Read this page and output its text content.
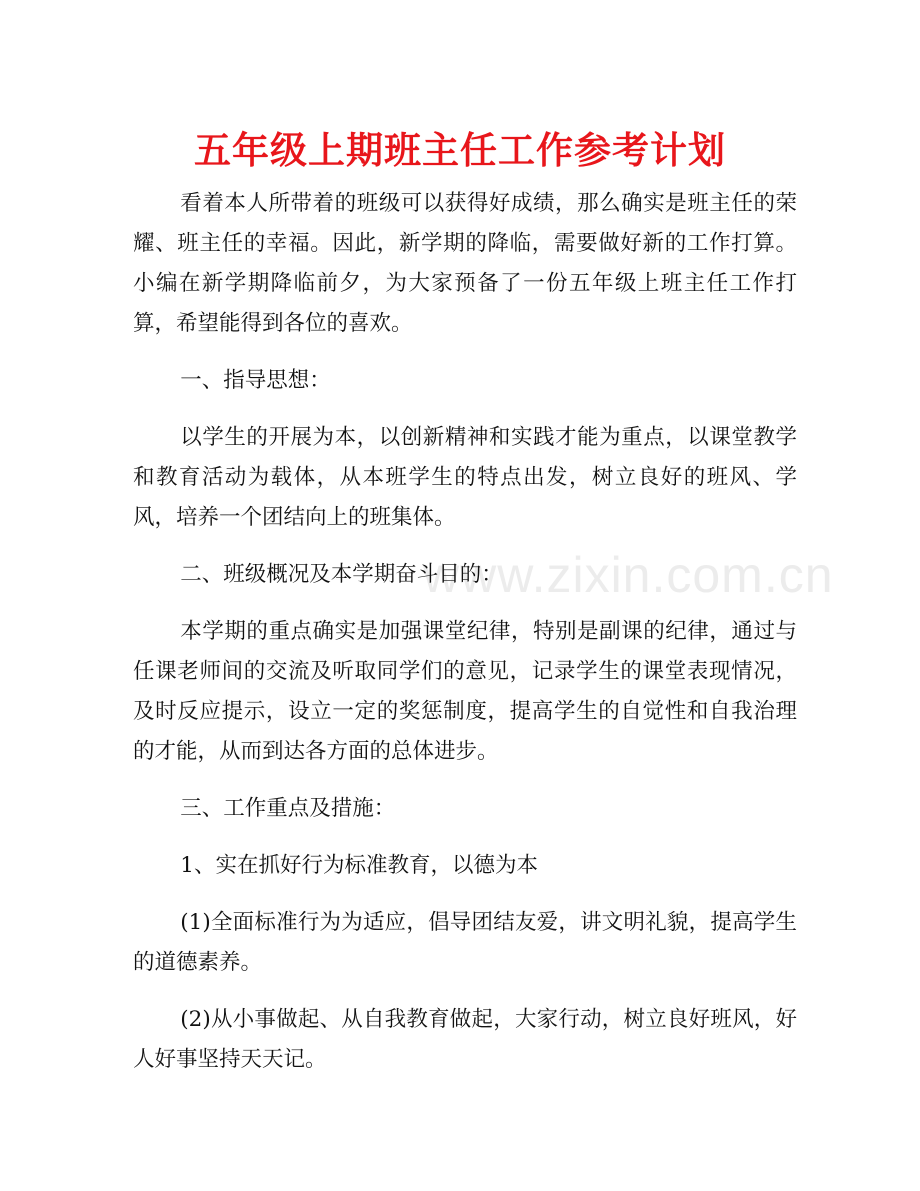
五年级上期班主任工作参考计划
www.zixin.com.cn

看着本人所带着的班级可以获得好成绩，那么确实是班主任的荣耀、班主任的幸福。因此，新学期的降临，需要做好新的工作打算。小编在新学期降临前夕，为大家预备了一份五年级上班主任工作打算，希望能得到各位的喜欢。

一、指导思想：

以学生的开展为本，以创新精神和实践才能为重点，以课堂教学和教育活动为载体，从本班学生的特点出发，树立良好的班风、学风，培养一个团结向上的班集体。

二、班级概况及本学期奋斗目的：

本学期的重点确实是加强课堂纪律，特别是副课的纪律，通过与任课老师间的交流及听取同学们的意见，记录学生的课堂表现情况，及时反应提示，设立一定的奖惩制度，提高学生的自觉性和自我治理的才能，从而到达各方面的总体进步。

三、工作重点及措施：

1、实在抓好行为标准教育，以德为本

(1)全面标准行为为适应，倡导团结友爱，讲文明礼貌，提高学生的道德素养。

(2)从小事做起、从自我教育做起，大家行动，树立良好班风，好人好事坚持天天记。
